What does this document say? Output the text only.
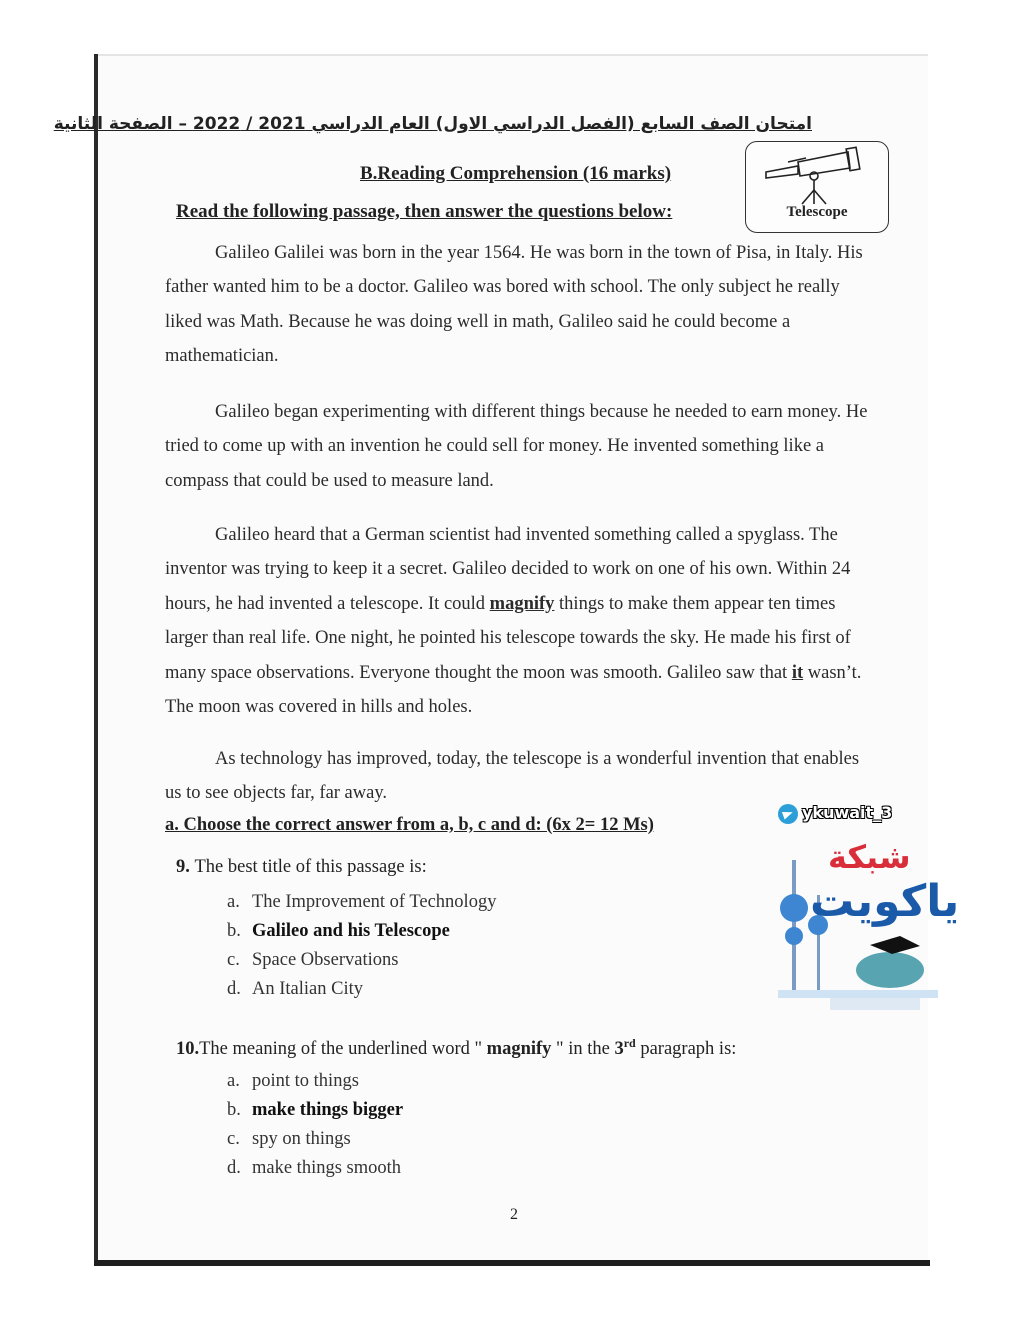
امتحان الصف السابع (الفصل الدراسي الاول) العام الدراسي 2021 / 2022 – الصفحة الثانية
B.Reading Comprehension (16 marks)
Read the following passage, then answer the questions below:	Telescope

Galileo Galilei was born in the year 1564. He was born in the town of Pisa, in Italy. His father wanted him to be a doctor. Galileo was bored with school. The only subject he really liked was Math. Because he was doing well in math, Galileo said he could become a mathematician.

Galileo began experimenting with different things because he needed to earn money. He tried to come up with an invention he could sell for money. He invented something like a compass that could be used to measure land.

Galileo heard that a German scientist had invented something called a spyglass. The inventor was trying to keep it a secret. Galileo decided to work on one of his own. Within 24 hours, he had invented a telescope. It could magnify things to make them appear ten times larger than real life. One night, he pointed his telescope towards the sky. He made his first of many space observations. Everyone thought the moon was smooth. Galileo saw that it wasn’t. The moon was covered in hills and holes.

As technology has improved, today, the telescope is a wonderful invention that enables us to see objects far, far away.

a. Choose the correct answer from a, b, c and d: (6x 2= 12 Ms)
9. The best title of this passage is:
a. The Improvement of Technology
b. Galileo and his Telescope
c. Space Observations
d. An Italian City
10.The meaning of the underlined word " magnify " in the 3rd paragraph is:
a. point to things
b. make things bigger
c. spy on things
d. make things smooth
2
ykuwait_3
شبكة
ياكويت
